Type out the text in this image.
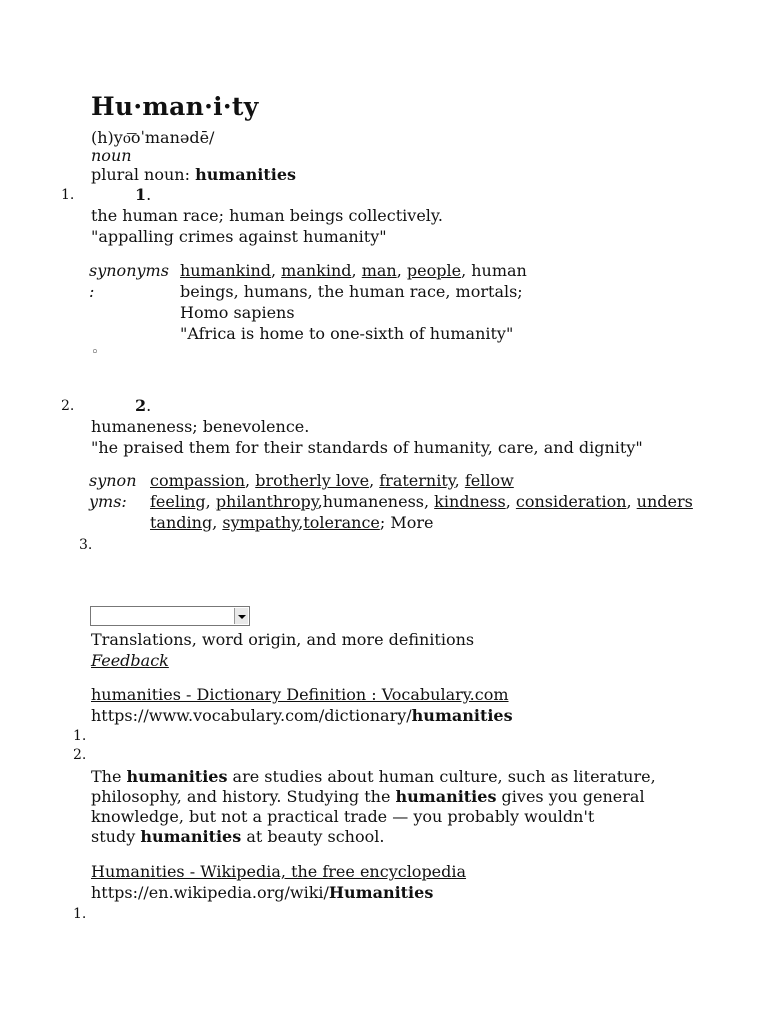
Hu·man·i·ty
(h)yo͞oˈmanədē/
noun
plural noun: humanities
1.	1.
the human race; human beings collectively.
"appalling crimes against humanity"
synonyms
:
humankind, mankind, man, people, human
beings, humans, the human race, mortals;
Homo sapiens
"Africa is home to one-sixth of humanity"
◦
2.	2.
humaneness; benevolence.
"he praised them for their standards of humanity, care, and dignity"
synon
yms:
compassion, brotherly love, fraternity, fellow
feeling, philanthropy,humaneness, kindness, consideration, unders
tanding, sympathy,tolerance; More
3.
Translations, word origin, and more definitions
Feedback
humanities - Dictionary Definition : Vocabulary.com
https://www.vocabulary.com/dictionary/humanities
1.
2.
The humanities are studies about human culture, such as literature,
philosophy, and history. Studying the humanities gives you general
knowledge, but not a practical trade — you probably wouldn't
study humanities at beauty school.
Humanities - Wikipedia, the free encyclopedia
https://en.wikipedia.org/wiki/Humanities
1.
